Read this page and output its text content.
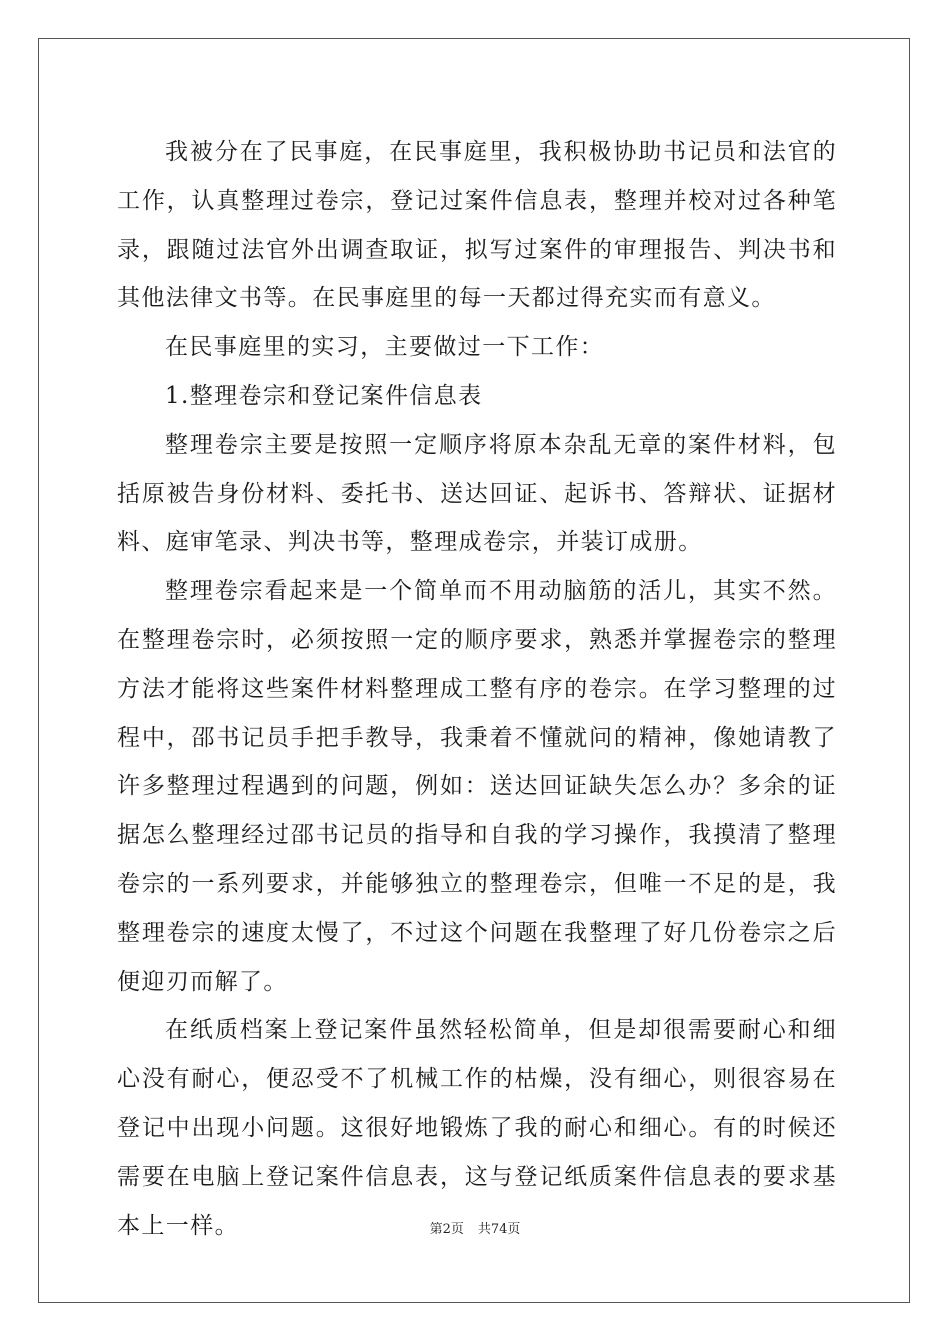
我被分在了民事庭，在民事庭里，我积极协助书记员和法官的工作，认真整理过卷宗，登记过案件信息表，整理并校对过各种笔录，跟随过法官外出调查取证，拟写过案件的审理报告、判决书和其他法律文书等。在民事庭里的每一天都过得充实而有意义。

在民事庭里的实习，主要做过一下工作：

1.整理卷宗和登记案件信息表

整理卷宗主要是按照一定顺序将原本杂乱无章的案件材料，包括原被告身份材料、委托书、送达回证、起诉书、答辩状、证据材料、庭审笔录、判决书等，整理成卷宗，并装订成册。

整理卷宗看起来是一个简单而不用动脑筋的活儿，其实不然。在整理卷宗时，必须按照一定的顺序要求，熟悉并掌握卷宗的整理方法才能将这些案件材料整理成工整有序的卷宗。在学习整理的过程中，邵书记员手把手教导，我秉着不懂就问的精神，像她请教了许多整理过程遇到的问题，例如：送达回证缺失怎么办？多余的证据怎么整理经过邵书记员的指导和自我的学习操作，我摸清了整理卷宗的一系列要求，并能够独立的整理卷宗，但唯一不足的是，我整理卷宗的速度太慢了，不过这个问题在我整理了好几份卷宗之后便迎刃而解了。

在纸质档案上登记案件虽然轻松简单，但是却很需要耐心和细心没有耐心，便忍受不了机械工作的枯燥，没有细心，则很容易在登记中出现小问题。这很好地锻炼了我的耐心和细心。有的时候还需要在电脑上登记案件信息表，这与登记纸质案件信息表的要求基本上一样。	第2页 共74页
